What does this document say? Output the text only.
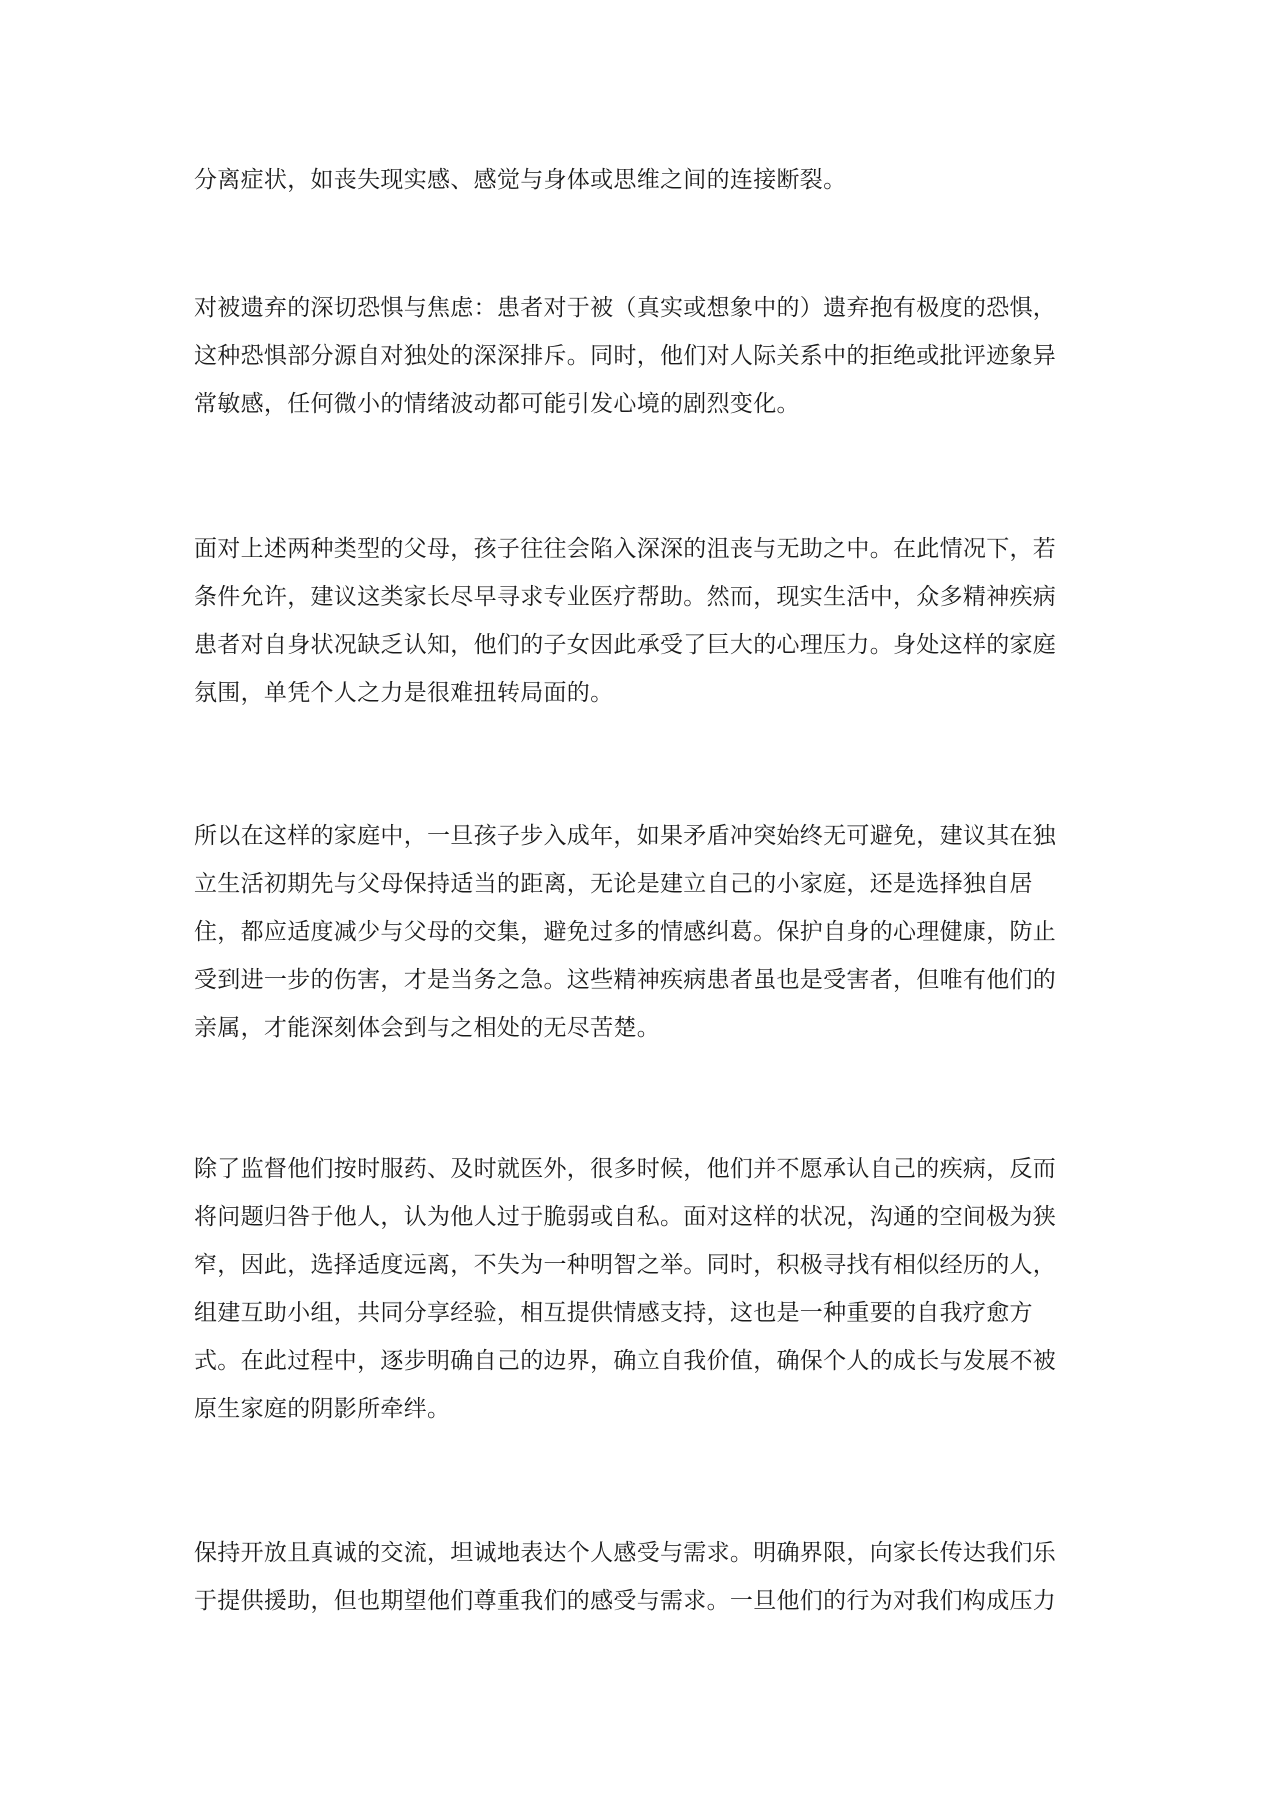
分离症状，如丧失现实感、感觉与身体或思维之间的连接断裂。

对被遗弃的深切恐惧与焦虑：患者对于被（真实或想象中的）遗弃抱有极度的恐惧，
这种恐惧部分源自对独处的深深排斥。同时，他们对人际关系中的拒绝或批评迹象异
常敏感，任何微小的情绪波动都可能引发心境的剧烈变化。

面对上述两种类型的父母，孩子往往会陷入深深的沮丧与无助之中。在此情况下，若
条件允许，建议这类家长尽早寻求专业医疗帮助。然而，现实生活中，众多精神疾病
患者对自身状况缺乏认知，他们的子女因此承受了巨大的心理压力。身处这样的家庭
氛围，单凭个人之力是很难扭转局面的。

所以在这样的家庭中，一旦孩子步入成年，如果矛盾冲突始终无可避免，建议其在独
立生活初期先与父母保持适当的距离，无论是建立自己的小家庭，还是选择独自居
住，都应适度减少与父母的交集，避免过多的情感纠葛。保护自身的心理健康，防止
受到进一步的伤害，才是当务之急。这些精神疾病患者虽也是受害者，但唯有他们的
亲属，才能深刻体会到与之相处的无尽苦楚。

除了监督他们按时服药、及时就医外，很多时候，他们并不愿承认自己的疾病，反而
将问题归咎于他人，认为他人过于脆弱或自私。面对这样的状况，沟通的空间极为狭
窄，因此，选择适度远离，不失为一种明智之举。同时，积极寻找有相似经历的人，
组建互助小组，共同分享经验，相互提供情感支持，这也是一种重要的自我疗愈方
式。在此过程中，逐步明确自己的边界，确立自我价值，确保个人的成长与发展不被
原生家庭的阴影所牵绊。

保持开放且真诚的交流，坦诚地表达个人感受与需求。明确界限，向家长传达我们乐
于提供援助，但也期望他们尊重我们的感受与需求。一旦他们的行为对我们构成压力
